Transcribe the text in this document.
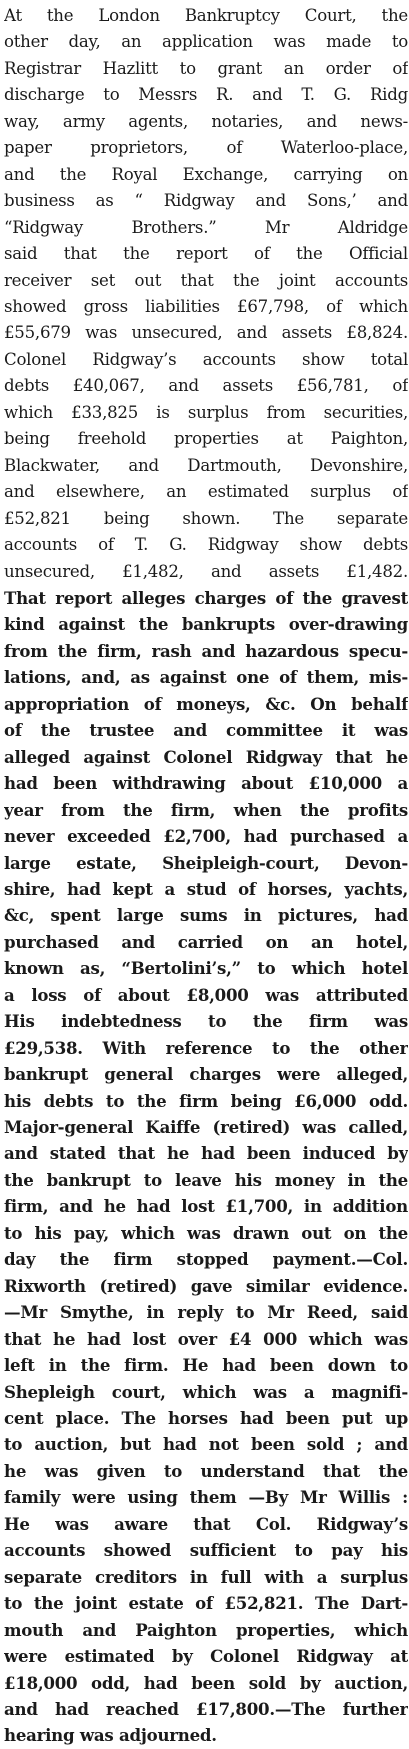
At the London Bankruptcy Court, the
other day, an application was made to
Registrar Hazlitt to grant an order of
discharge to Messrs R. and T. G. Ridg
way, army agents, notaries, and news-
paper proprietors, of Waterloo-place,
and the Royal Exchange, carrying on
business as “ Ridgway and Sons,’ and
“Ridgway Brothers.” Mr Aldridge
said that the report of the Official
receiver set out that the joint accounts
showed gross liabilities £67,798, of which
£55,679 was unsecured, and assets £8,824.
Colonel Ridgway’s accounts show total
debts £40,067, and assets £56,781, of
which £33,825 is surplus from securities,
being freehold properties at Paighton,
Blackwater, and Dartmouth, Devonshire,
and elsewhere, an estimated surplus of
£52,821 being shown. The separate
accounts of T. G. Ridgway show debts
unsecured, £1,482, and assets £1,482.
That report alleges charges of the gravest
kind against the bankrupts over-drawing
from the firm, rash and hazardous specu-
lations, and, as against one of them, mis-
appropriation of moneys, &c. On behalf
of the trustee and committee it was
alleged against Colonel Ridgway that he
had been withdrawing about £10,000 a
year from the firm, when the profits
never exceeded £2,700, had purchased a
large estate, Sheipleigh-court, Devon-
shire, had kept a stud of horses, yachts,
&c, spent large sums in pictures, had
purchased and carried on an hotel,
known as, “Bertolini’s,” to which hotel
a loss of about £8,000 was attributed
His indebtedness to the firm was
£29,538. With reference to the other
bankrupt general charges were alleged,
his debts to the firm being £6,000 odd.
Major-general Kaiffe (retired) was called,
and stated that he had been induced by
the bankrupt to leave his money in the
firm, and he had lost £1,700, in addition
to his pay, which was drawn out on the
day the firm stopped payment.—Col.
Rixworth (retired) gave similar evidence.
—Mr Smythe, in reply to Mr Reed, said
that he had lost over £4 000 which was
left in the firm. He had been down to
Shepleigh court, which was a magnifi-
cent place. The horses had been put up
to auction, but had not been sold ; and
he was given to understand that the
family were using them —By Mr Willis :
He was aware that Col. Ridgway’s
accounts showed sufficient to pay his
separate creditors in full with a surplus
to the joint estate of £52,821. The Dart-
mouth and Paighton properties, which
were estimated by Colonel Ridgway at
£18,000 odd, had been sold by auction,
and had reached £17,800.—The further
hearing was adjourned.
